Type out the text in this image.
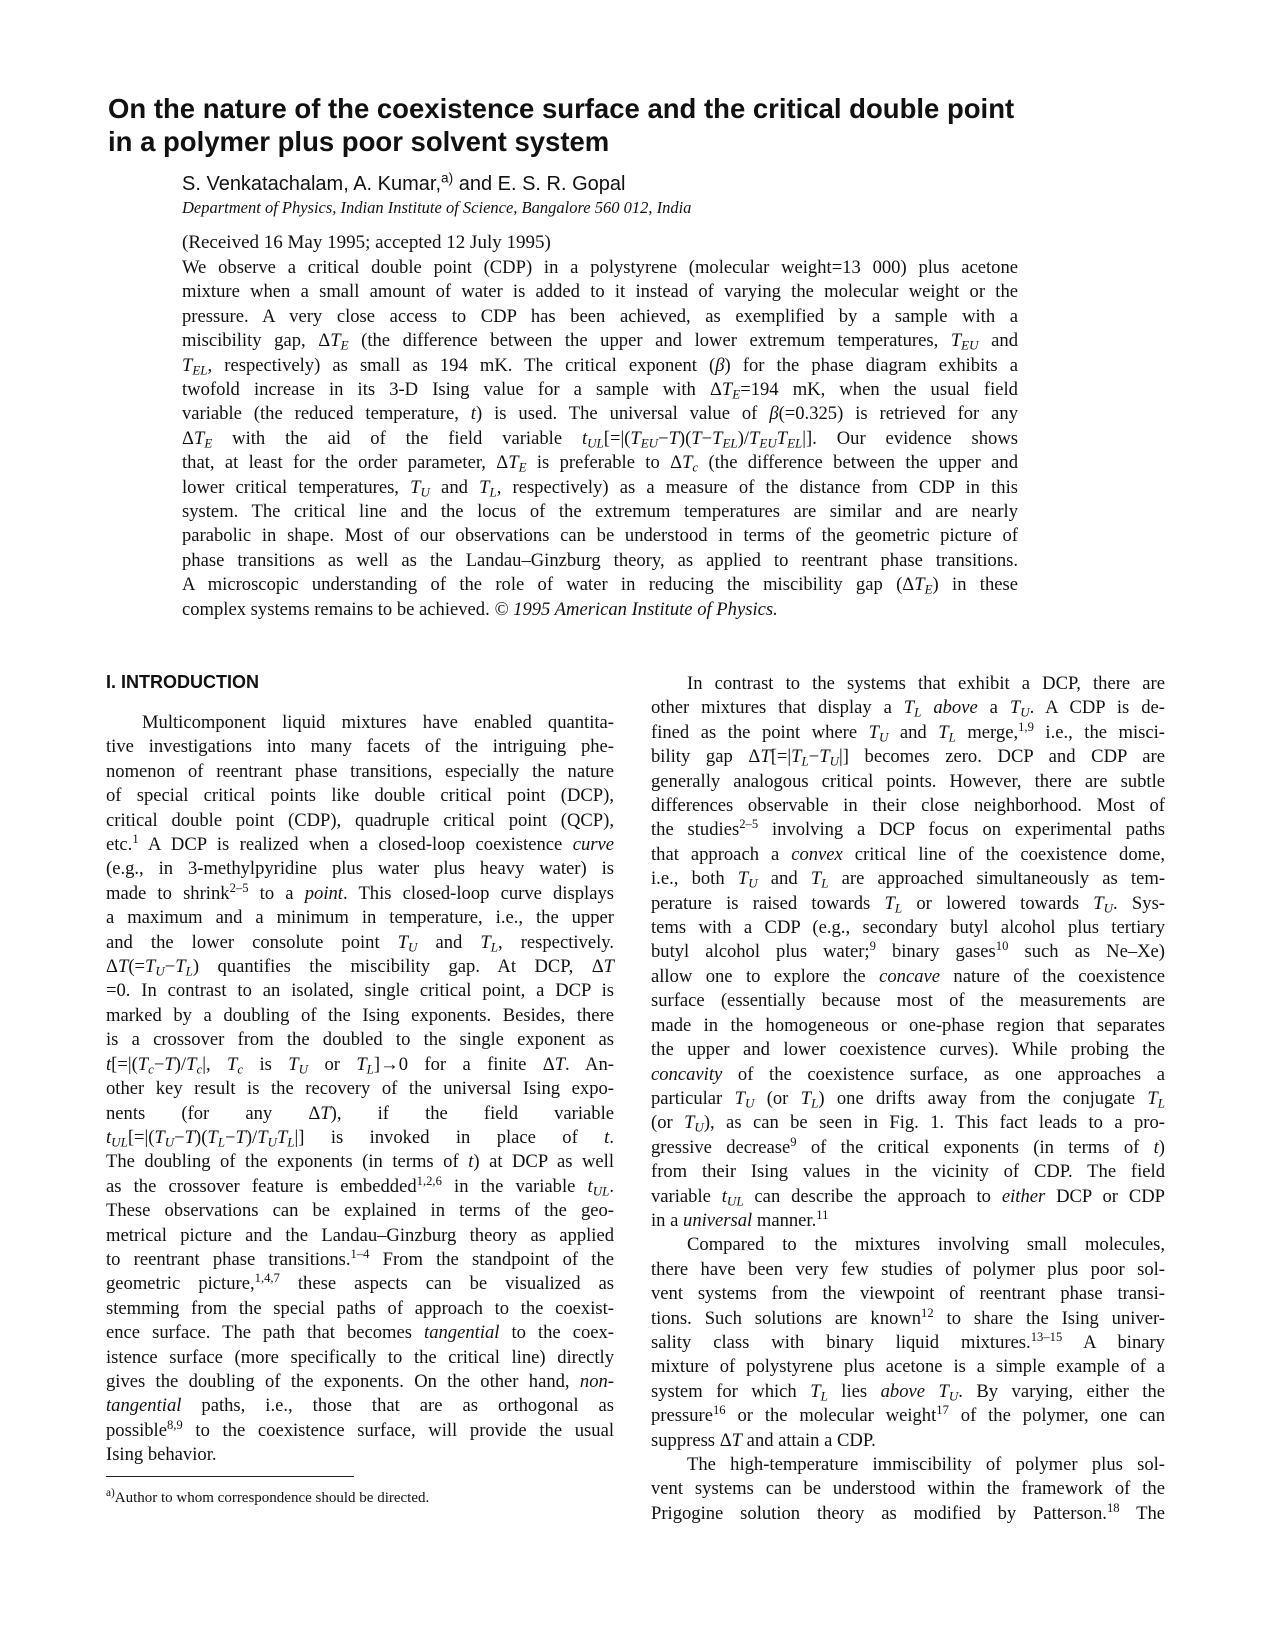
On the nature of the coexistence surface and the critical double point
in a polymer plus poor solvent system
S. Venkatachalam, A. Kumar,$^{a)}$ and E. S. R. Gopal
Department of Physics, Indian Institute of Science, Bangalore 560 012, India
(Received 16 May 1995; accepted 12 July 1995)
We observe a critical double point (CDP) in a polystyrene (molecular weight=13 000) plus acetone
mixture when a small amount of water is added to it instead of varying the molecular weight or the
pressure. A very close access to CDP has been achieved, as exemplified by a sample with a
miscibility gap, $\Delta T_E$ (the difference between the upper and lower extremum temperatures, $T_{EU}$ and
$T_{EL}$, respectively) as small as 194 mK. The critical exponent (β) for the phase diagram exhibits a
twofold increase in its 3-D Ising value for a sample with $\Delta T_E=194$ mK, when the usual field
variable (the reduced temperature, t) is used. The universal value of β(=0.325) is retrieved for any
$\Delta T_E$ with the aid of the field variable $t_{UL}[=|(T_{EU}-T)(T-T_{EL})/T_{EU}T_{EL}|]$. Our evidence shows
that, at least for the order parameter, $\Delta T_E$ is preferable to $\Delta T_c$ (the difference between the upper and
lower critical temperatures, $T_U$ and $T_L$, respectively) as a measure of the distance from CDP in this
system. The critical line and the locus of the extremum temperatures are similar and are nearly
parabolic in shape. Most of our observations can be understood in terms of the geometric picture of
phase transitions as well as the Landau–Ginzburg theory, as applied to reentrant phase transitions.
A microscopic understanding of the role of water in reducing the miscibility gap $(\Delta T_E)$ in these
complex systems remains to be achieved. © 1995 American Institute of Physics.
I. INTRODUCTION
Multicomponent liquid mixtures have enabled quantita-
tive investigations into many facets of the intriguing phe-
nomenon of reentrant phase transitions, especially the nature
of special critical points like double critical point (DCP),
critical double point (CDP), quadruple critical point (QCP),
etc.$^1$ A DCP is realized when a closed-loop coexistence curve
(e.g., in 3-methylpyridine plus water plus heavy water) is
made to shrink$^{2-5}$ to a point. This closed-loop curve displays
a maximum and a minimum in temperature, i.e., the upper
and the lower consolute point $T_U$ and $T_L$, respectively.
$\Delta T(=T_U-T_L)$ quantifies the miscibility gap. At DCP, ΔT
=0. In contrast to an isolated, single critical point, a DCP is
marked by a doubling of the Ising exponents. Besides, there
is a crossover from the doubled to the single exponent as
$t[=|(T_c-T)/T_c|$, $T_c$ is $T_U$ or $T_L]\to 0$ for a finite ΔT. An-
other key result is the recovery of the universal Ising expo-
nents (for any ΔT), if the field variable
$t_{UL}[=|(T_U-T)(T_L-T)/T_UT_L|]$ is invoked in place of t.
The doubling of the exponents (in terms of t) at DCP as well
as the crossover feature is embedded$^{1,2,6}$ in the variable $t_{UL}$.
These observations can be explained in terms of the geo-
metrical picture and the Landau–Ginzburg theory as applied
to reentrant phase transitions.$^{1-4}$ From the standpoint of the
geometric picture,$^{1,4,7}$ these aspects can be visualized as
stemming from the special paths of approach to the coexist-
ence surface. The path that becomes tangential to the coex-
istence surface (more specifically to the critical line) directly
gives the doubling of the exponents. On the other hand, non-
tangential paths, i.e., those that are as orthogonal as
possible$^{8,9}$ to the coexistence surface, will provide the usual
Ising behavior.
$^{a)}$Author to whom correspondence should be directed.
In contrast to the systems that exhibit a DCP, there are
other mixtures that display a $T_L$ above a $T_U$. A CDP is de-
fined as the point where $T_U$ and $T_L$ merge,$^{1,9}$ i.e., the misci-
bility gap $\Delta T[=|T_L-T_U|]$ becomes zero. DCP and CDP are
generally analogous critical points. However, there are subtle
differences observable in their close neighborhood. Most of
the studies$^{2-5}$ involving a DCP focus on experimental paths
that approach a convex critical line of the coexistence dome,
i.e., both $T_U$ and $T_L$ are approached simultaneously as tem-
perature is raised towards $T_L$ or lowered towards $T_U$. Sys-
tems with a CDP (e.g., secondary butyl alcohol plus tertiary
butyl alcohol plus water;$^9$ binary gases$^{10}$ such as Ne–Xe)
allow one to explore the concave nature of the coexistence
surface (essentially because most of the measurements are
made in the homogeneous or one-phase region that separates
the upper and lower coexistence curves). While probing the
concavity of the coexistence surface, as one approaches a
particular $T_U$ (or $T_L$) one drifts away from the conjugate $T_L$
(or $T_U$), as can be seen in Fig. 1. This fact leads to a pro-
gressive decrease$^9$ of the critical exponents (in terms of t)
from their Ising values in the vicinity of CDP. The field
variable $t_{UL}$ can describe the approach to either DCP or CDP
in a universal manner.$^{11}$
Compared to the mixtures involving small molecules,
there have been very few studies of polymer plus poor sol-
vent systems from the viewpoint of reentrant phase transi-
tions. Such solutions are known$^{12}$ to share the Ising univer-
sality class with binary liquid mixtures.$^{13-15}$ A binary
mixture of polystyrene plus acetone is a simple example of a
system for which $T_L$ lies above $T_U$. By varying, either the
pressure$^{16}$ or the molecular weight$^{17}$ of the polymer, one can
suppress ΔT and attain a CDP.
The high-temperature immiscibility of polymer plus sol-
vent systems can be understood within the framework of the
Prigogine solution theory as modified by Patterson.$^{18}$ The
